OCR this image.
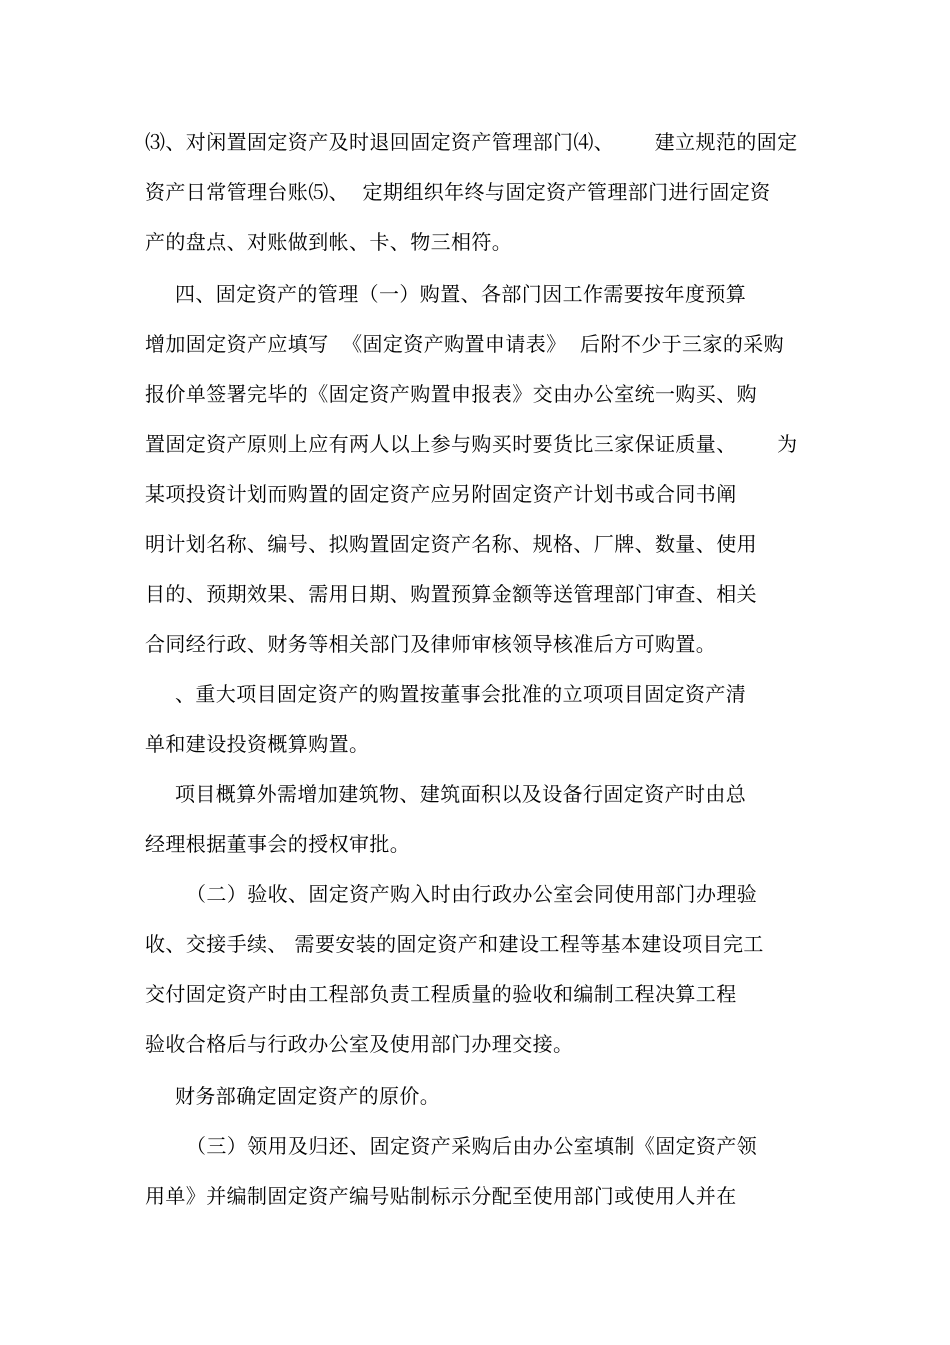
⑶、对闲置固定资产及时退回固定资产管理部门⑷、      建立规范的固定
资产日常管理台账⑸、  定期组织年终与固定资产管理部门进行固定资
产的盘点、对账做到帐、卡、物三相符。
四、固定资产的管理（一）购置、各部门因工作需要按年度预算
增加固定资产应填写  《固定资产购置申请表》  后附不少于三家的采购
报价单签署完毕的《固定资产购置申报表》交由办公室统一购买、购
置固定资产原则上应有两人以上参与购买时要货比三家保证质量、      为
某项投资计划而购置的固定资产应另附固定资产计划书或合同书阐
明计划名称、编号、拟购置固定资产名称、规格、厂牌、数量、使用
目的、预期效果、需用日期、购置预算金额等送管理部门审查、相关
合同经行政、财务等相关部门及律师审核领导核准后方可购置。
、重大项目固定资产的购置按董事会批准的立项项目固定资产清
单和建设投资概算购置。
项目概算外需增加建筑物、建筑面积以及设备行固定资产时由总
经理根据董事会的授权审批。
（二）验收、固定资产购入时由行政办公室会同使用部门办理验
收、交接手续、 需要安装的固定资产和建设工程等基本建设项目完工
交付固定资产时由工程部负责工程质量的验收和编制工程决算工程
验收合格后与行政办公室及使用部门办理交接。
财务部确定固定资产的原价。
（三）领用及归还、固定资产采购后由办公室填制《固定资产领
用单》并编制固定资产编号贴制标示分配至使用部门或使用人并在
